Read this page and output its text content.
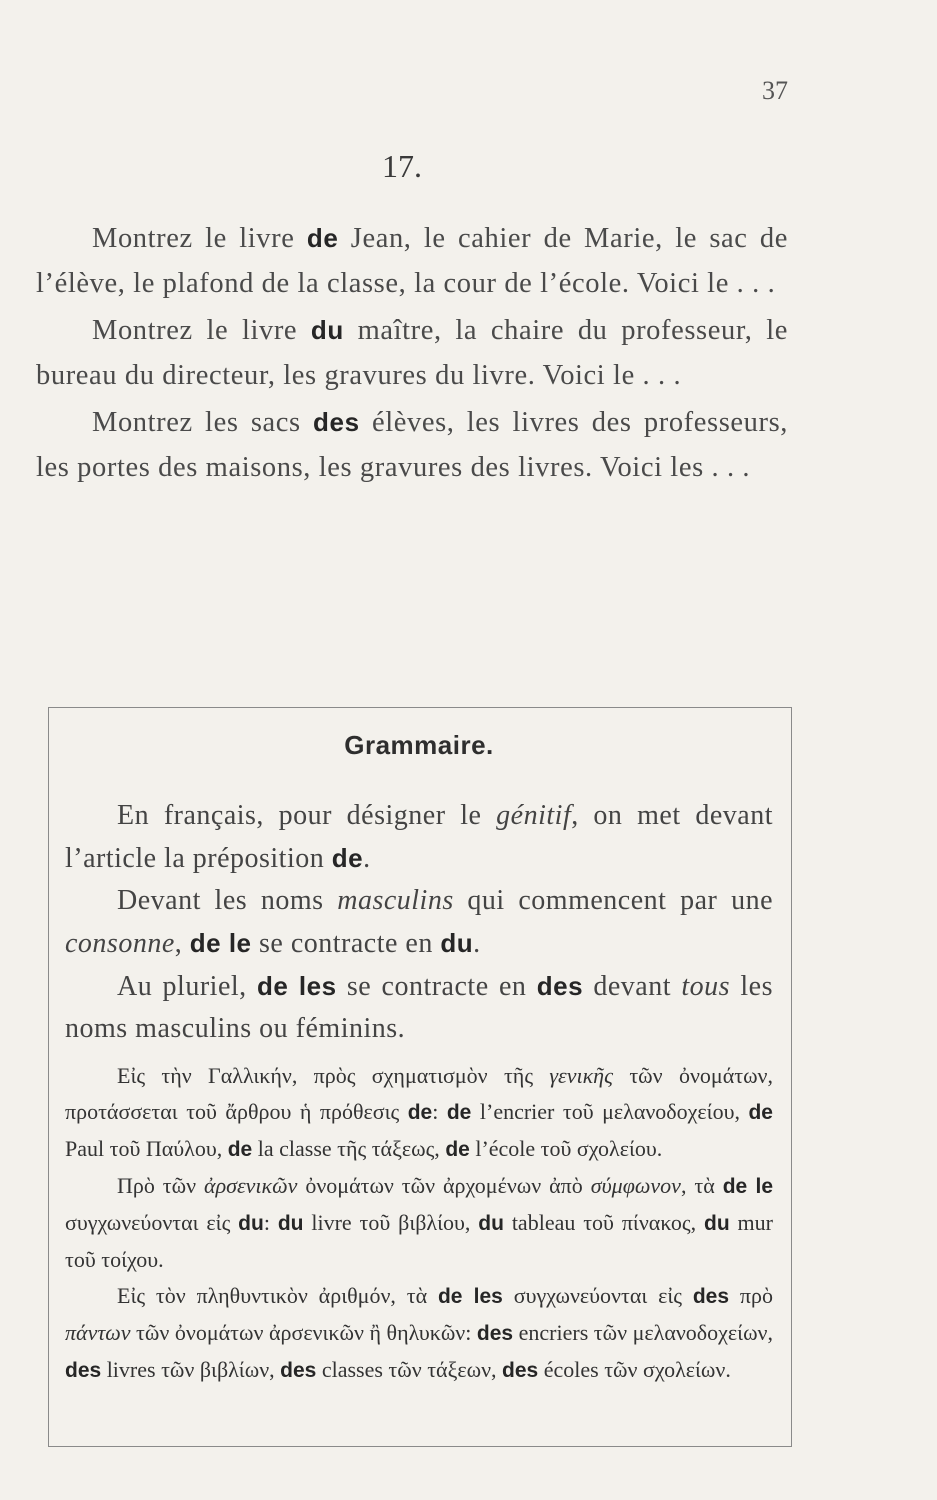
37
17.

Montrez le livre de Jean, le cahier de Marie, le sac de l’élève, le plafond de la classe, la cour de l’école. Voici le . . .

Montrez le livre du maître, la chaire du professeur, le bureau du directeur, les gravures du livre. Voici le . . .

Montrez les sacs des élèves, les livres des professeurs, les portes des maisons, les gravures des livres. Voici les . . .

Grammaire.

En français, pour désigner le génitif, on met devant l’article la préposition de.

Devant les noms masculins qui commencent par une consonne, de le se contracte en du.

Au pluriel, de les se contracte en des devant tous les noms masculins ou féminins.

Εἰς τὴν Γαλλικήν, πρὸς σχηματισμὸν τῆς γενικῆς τῶν ὀνομάτων, προτάσσεται τοῦ ἄρθρου ἡ πρόθεσις de: de l’encrier τοῦ μελανοδοχείου, de Paul τοῦ Παύλου, de la classe τῆς τάξεως, de l’école τοῦ σχολείου.

Πρὸ τῶν ἀρσενικῶν ὀνομάτων τῶν ἀρχομένων ἀπὸ σύμφωνον, τὰ de le συγχωνεύονται εἰς du: du livre τοῦ βιβλίου, du tableau τοῦ πίνακος, du mur τοῦ τοίχου.

Εἰς τὸν πληθυντικὸν ἀριθμόν, τὰ de les συγχωνεύονται εἰς des πρὸ πάντων τῶν ὀνομάτων ἀρσενικῶν ἢ θηλυκῶν: des encriers τῶν μελανοδοχείων, des livres τῶν βιβλίων, des classes τῶν τάξεων, des écoles τῶν σχολείων.
